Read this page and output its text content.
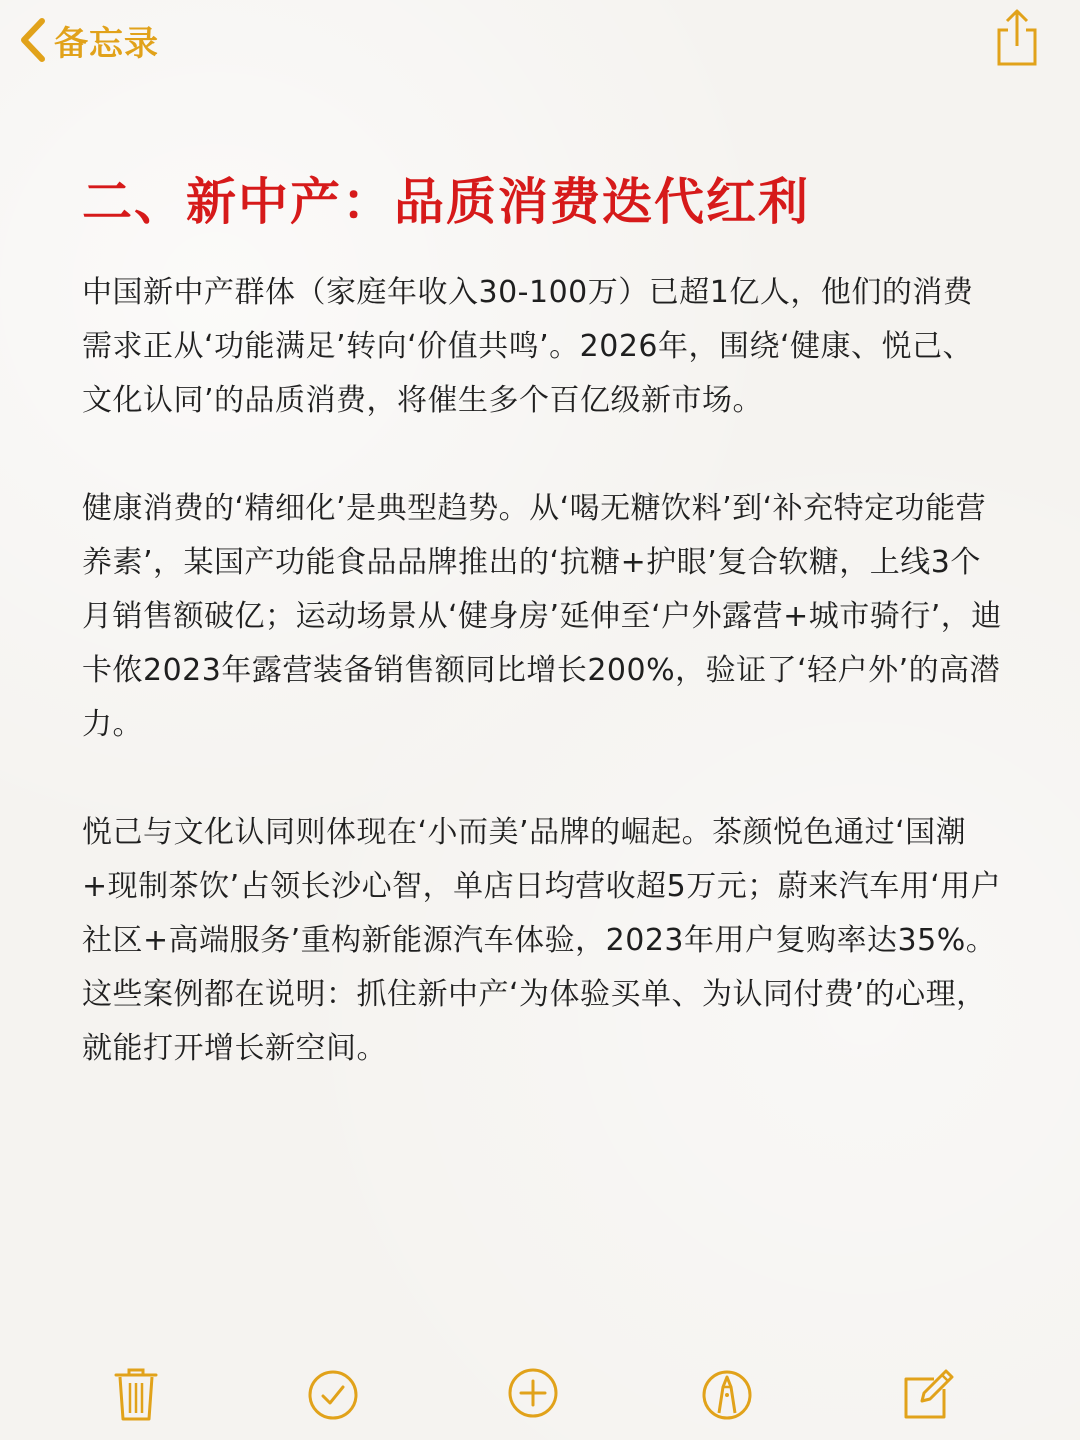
备忘录
二、新中产：品质消费迭代红利

中国新中产群体（家庭年收入30-100万）已超1亿人，他们的消费需求正从‘功能满足’转向‘价值共鸣’。2026年，围绕‘健康、悦己、文化认同’的品质消费，将催生多个百亿级新市场。

健康消费的‘精细化’是典型趋势。从‘喝无糖饮料’到‘补充特定功能营养素’，某国产功能食品品牌推出的‘抗糖+护眼’复合软糖，上线3个月销售额破亿；运动场景从‘健身房’延伸至‘户外露营+城市骑行’，迪卡侬2023年露营装备销售额同比增长200%，验证了‘轻户外’的高潜力。

悦己与文化认同则体现在‘小而美’品牌的崛起。茶颜悦色通过‘国潮+现制茶饮’占领长沙心智，单店日均营收超5万元；蔚来汽车用‘用户社区+高端服务’重构新能源汽车体验，2023年用户复购率达35%。这些案例都在说明：抓住新中产‘为体验买单、为认同付费’的心理，就能打开增长新空间。
